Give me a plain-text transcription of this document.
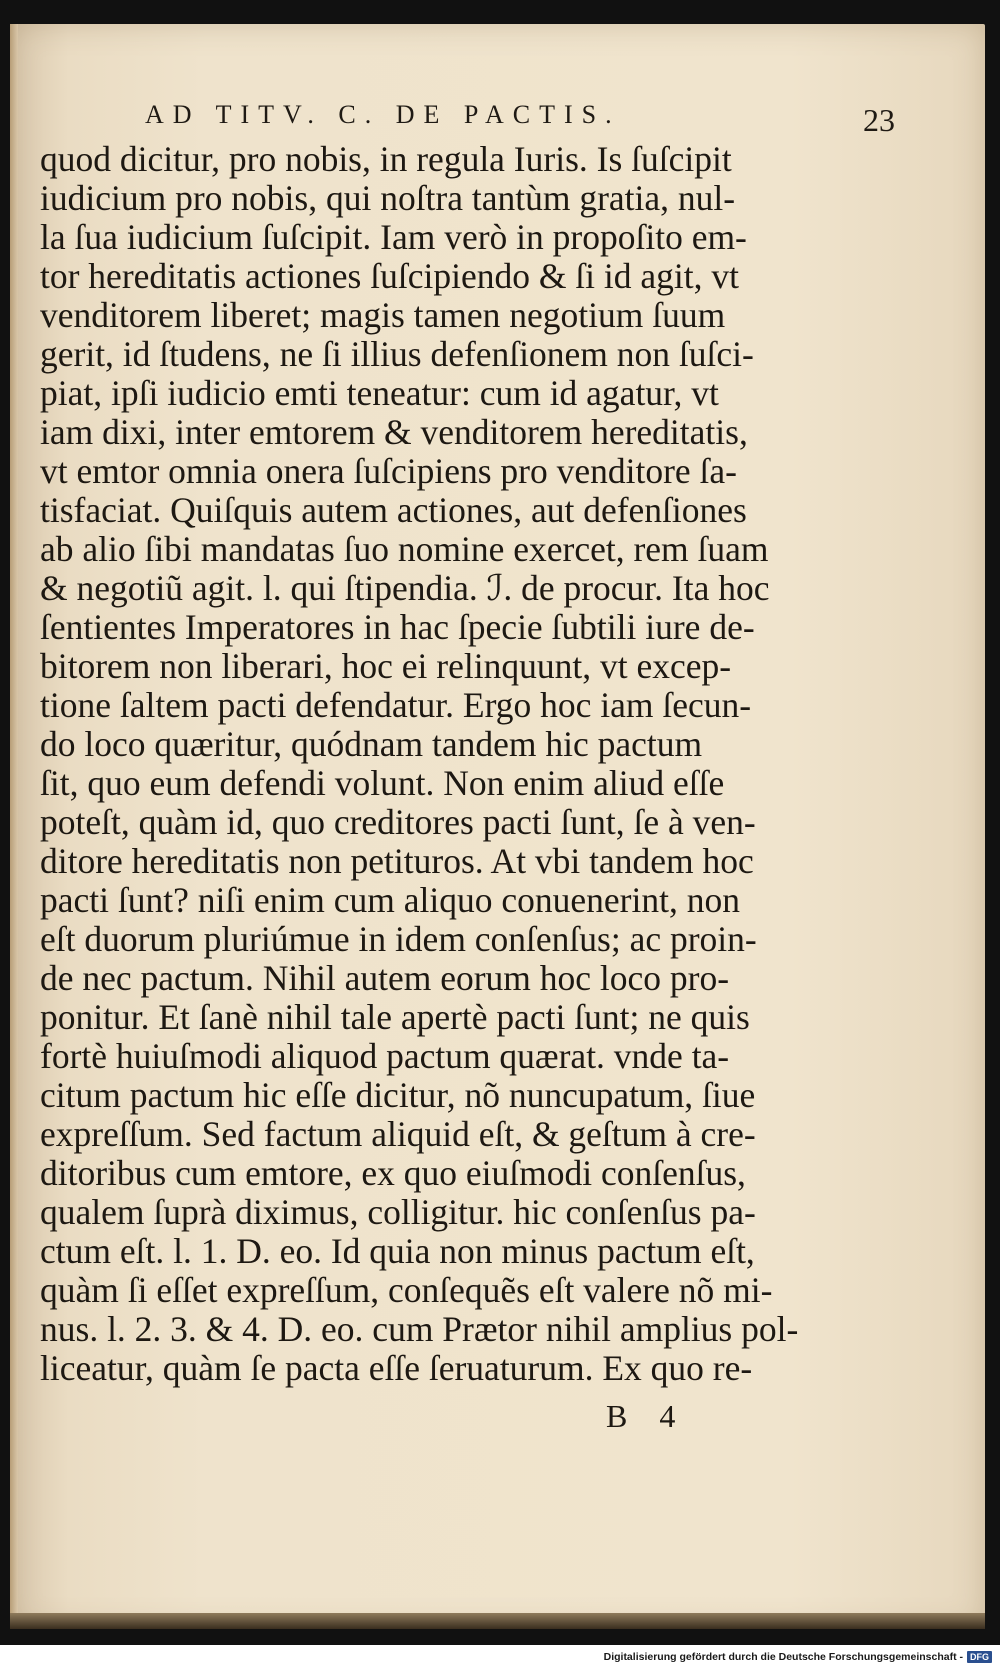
AD TITV. C. DE PACTIS.	23
quod dicitur, pro nobis, in regula Iuris. Is ſuſcipit
iudicium pro nobis, qui noſtra tantùm gratia, nul-
la ſua iudicium ſuſcipit. Iam verò in propoſito em-
tor hereditatis actiones ſuſcipiendo & ſi id agit, vt
venditorem liberet; magis tamen negotium ſuum
gerit, id ſtudens, ne ſi illius defenſionem non ſuſci-
piat, ipſi iudicio emti teneatur: cum id agatur, vt
iam dixi, inter emtorem & venditorem hereditatis,
vt emtor omnia onera ſuſcipiens pro venditore ſa-
tisfaciat. Quiſquis autem actiones, aut defenſiones
ab alio ſibi mandatas ſuo nomine exercet, rem ſuam
& negotiũ agit. l. qui ſtipendia. ℐ. de procur. Ita hoc
ſentientes Imperatores in hac ſpecie ſubtili iure de-
bitorem non liberari, hoc ei relinquunt, vt excep-
tione ſaltem pacti defendatur. Ergo hoc iam ſecun-
do loco quæritur, quódnam tandem hic pactum
ſit, quo eum defendi volunt. Non enim aliud eſſe
poteſt, quàm id, quo creditores pacti ſunt, ſe à ven-
ditore hereditatis non petituros. At vbi tandem hoc
pacti ſunt? niſi enim cum aliquo conuenerint, non
eſt duorum pluriúmue in idem conſenſus; ac proin-
de nec pactum. Nihil autem eorum hoc loco pro-
ponitur. Et ſanè nihil tale apertè pacti ſunt; ne quis
fortè huiuſmodi aliquod pactum quærat. vnde ta-
citum pactum hic eſſe dicitur, nõ nuncupatum, ſiue
expreſſum. Sed factum aliquid eſt, & geſtum à cre-
ditoribus cum emtore, ex quo eiuſmodi conſenſus,
qualem ſuprà diximus, colligitur. hic conſenſus pa-
ctum eſt. l. 1. D. eo. Id quia non minus pactum eſt,
quàm ſi eſſet expreſſum, conſequẽs eſt valere nõ mi-
nus. l. 2. 3. & 4. D. eo. cum Prætor nihil amplius pol-
liceatur, quàm ſe pacta eſſe ſeruaturum. Ex quo re-
B 4
Digitalisierung gefördert durch die Deutsche Forschungsgemeinschaft - DFG
